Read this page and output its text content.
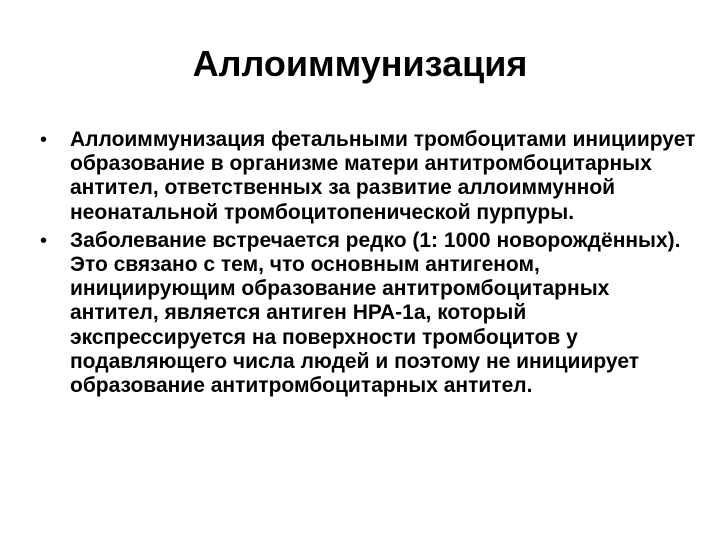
Аллоиммунизация
• Аллоиммунизация фетальными тромбоцитами инициирует образование в организме матери антитромбоцитарных антител, ответственных за развитие аллоиммунной неонатальной тромбоцитопенической пурпуры.
• Заболевание встречается редко (1: 1000 новорождённых). Это связано с тем, что основным антигеном, инициирующим образование антитромбоцитарных антител, является антиген НРА-1а, который экспрессируется на поверхности тромбоцитов у подавляющего числа людей и поэтому не инициирует образование антитромбоцитарных антител.
